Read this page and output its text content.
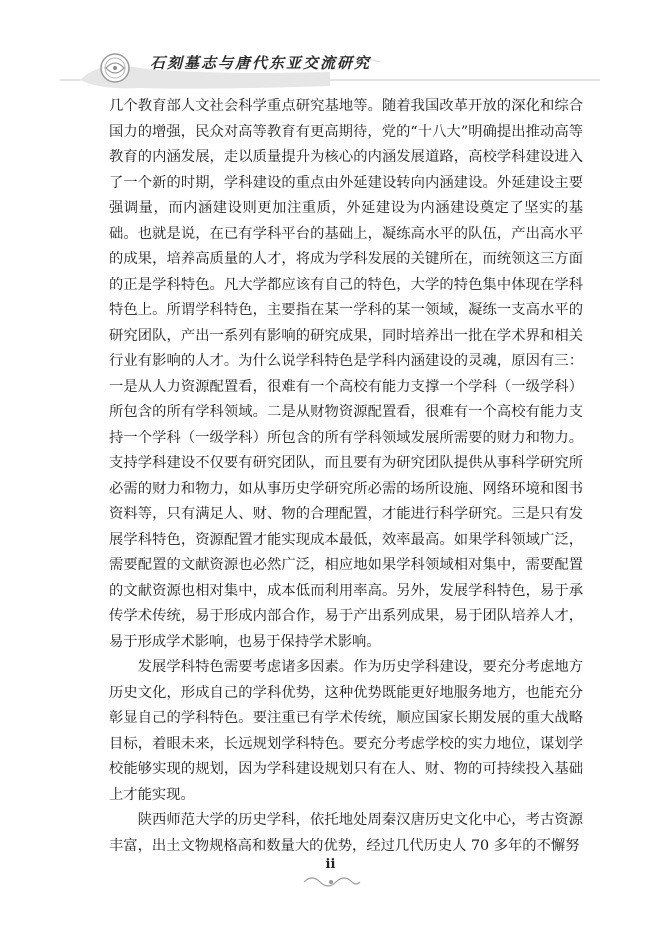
石刻墓志与唐代东亚交流研究

几个教育部人文社会科学重点研究基地等。随着我国改革开放的深化和综合国力的增强，民众对高等教育有更高期待，党的“十八大”明确提出推动高等教育的内涵发展，走以质量提升为核心的内涵发展道路，高校学科建设进入了一个新的时期，学科建设的重点由外延建设转向内涵建设。外延建设主要强调量，而内涵建设则更加注重质，外延建设为内涵建设奠定了坚实的基础。也就是说，在已有学科平台的基础上，凝练高水平的队伍，产出高水平的成果，培养高质量的人才，将成为学科发展的关键所在，而统领这三方面的正是学科特色。凡大学都应该有自己的特色，大学的特色集中体现在学科特色上。所谓学科特色，主要指在某一学科的某一领域，凝练一支高水平的研究团队，产出一系列有影响的研究成果，同时培养出一批在学术界和相关行业有影响的人才。为什么说学科特色是学科内涵建设的灵魂，原因有三：一是从人力资源配置看，很难有一个高校有能力支撑一个学科（一级学科）所包含的所有学科领域。二是从财物资源配置看，很难有一个高校有能力支持一个学科（一级学科）所包含的所有学科领域发展所需要的财力和物力。支持学科建设不仅要有研究团队，而且要有为研究团队提供从事科学研究所必需的财力和物力，如从事历史学研究所必需的场所设施、网络环境和图书资料等，只有满足人、财、物的合理配置，才能进行科学研究。三是只有发展学科特色，资源配置才能实现成本最低，效率最高。如果学科领域广泛，需要配置的文献资源也必然广泛，相应地如果学科领域相对集中，需要配置的文献资源也相对集中，成本低而利用率高。另外，发展学科特色，易于承传学术传统，易于形成内部合作，易于产出系列成果，易于团队培养人才，易于形成学术影响，也易于保持学术影响。

发展学科特色需要考虑诸多因素。作为历史学科建设，要充分考虑地方历史文化，形成自己的学科优势，这种优势既能更好地服务地方，也能充分彰显自己的学科特色。要注重已有学术传统，顺应国家长期发展的重大战略目标，着眼未来，长远规划学科特色。要充分考虑学校的实力地位，谋划学校能够实现的规划，因为学科建设规划只有在人、财、物的可持续投入基础上才能实现。

陕西师范大学的历史学科，依托地处周秦汉唐历史文化中心，考古资源丰富，出土文物规格高和数量大的优势，经过几代历史人 70 多年的不懈努

ii
